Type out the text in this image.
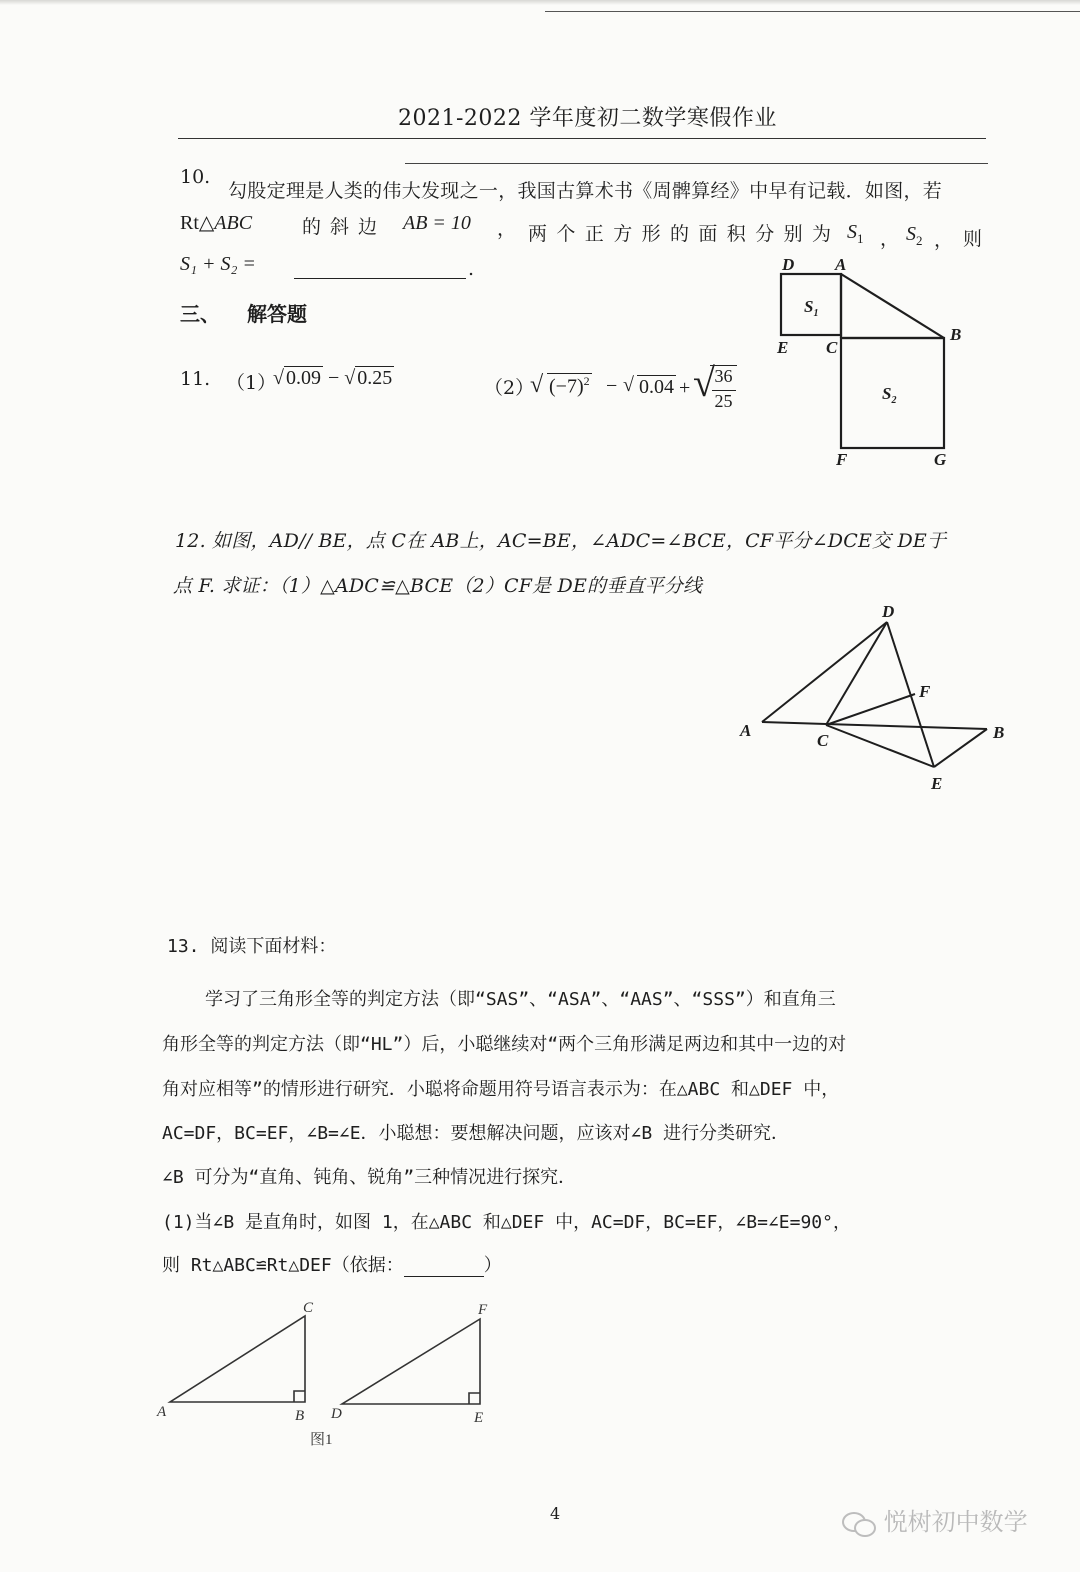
2021-2022 学年度初二数学寒假作业
10.
勾股定理是人类的伟大发现之一，我国古算术书《周髀算经》中早有记载．如图，若
Rt△ABC	的斜边 AB = 10 ， 两个正方形的面积分别为 $S_1$ ， $S_2$ ， 则
S₁ + S₂ =	.	D A
B
E C
F	G
$S_1$
$S_2$
三、 解答题
11. （1）
√ 0.09 − √ 0.25	（2）
√ $(-7)^2$ − √ 0.04 + √ 36
25
12. 如图，AD// BE，点 C在 AB上，AC=BE，∠ADC=∠BCE，CF平分∠DCE交 DE于
点 F. 求证：（1）△ADC≌△BCE（2）CF是 DE的垂直平分线
D
F
A
C	B
E
13. 阅读下面材料：
学习了三角形全等的判定方法（即“SAS”、“ASA”、“AAS”、“SSS”）和直角三
角形全等的判定方法（即“HL”）后，小聪继续对“两个三角形满足两边和其中一边的对
角对应相等”的情形进行研究．小聪将命题用符号语言表示为：在△ABC 和△DEF 中，
AC=DF，BC=EF，∠B=∠E．小聪想：要想解决问题，应该对∠B 进行分类研究．
∠B 可分为“直角、钝角、锐角”三种情况进行探究．
(1)当∠B 是直角时，如图 1，在△ABC 和△DEF 中，AC=DF，BC=EF，∠B=∠E=90°，
则 Rt△ABC≌Rt△DEF（依据：	）
C
A	B
F
D	E
图1
4	悦树初中数学
